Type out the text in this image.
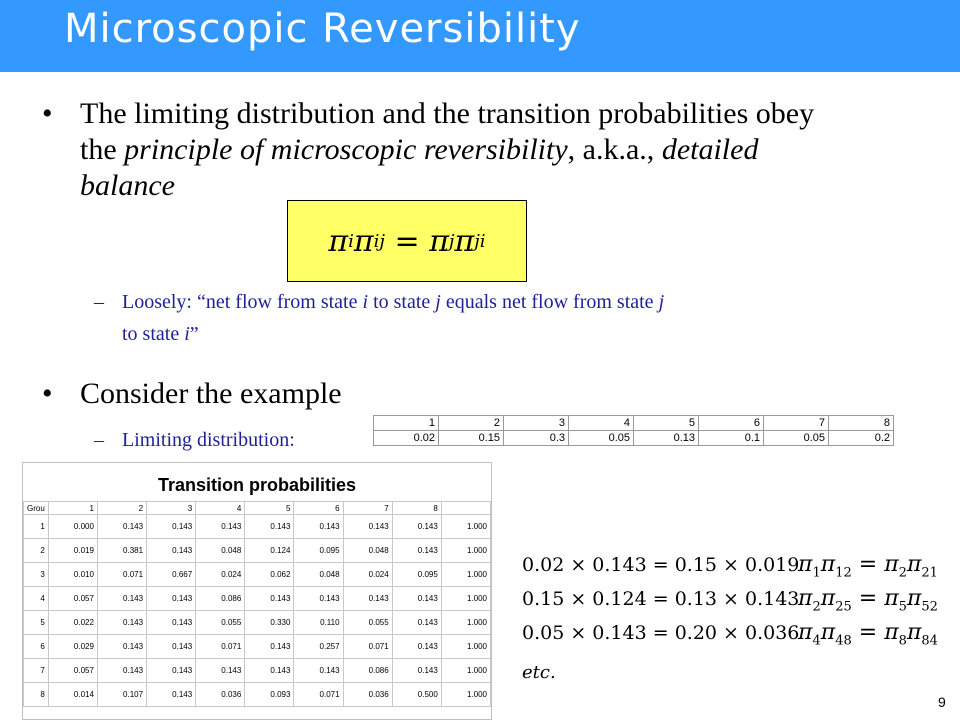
Microscopic Reversibility
• The limiting distribution and the transition probabilities obey
the principle of microscopic reversibility, a.k.a., detailed
balance
π i π ij = π j π ji
– Loosely: “net flow from state i to state j equals net flow from state j
to state i”
• Consider the example
– Limiting distribution:
1	2	3	4	5	6	7	8
0.02	0.15	0.3	0.05	0.13	0.1	0.05	0.2
Transition probabilities
Grou	1	2	3	4	5	6	7	8	
1	0.000	0.143	0.143	0.143	0.143	0.143	0.143	0.143	1.000
2	0.019	0.381	0.143	0.048	0.124	0.095	0.048	0.143	1.000
3	0.010	0.071	0.667	0.024	0.062	0.048	0.024	0.095	1.000
4	0.057	0.143	0.143	0.086	0.143	0.143	0.143	0.143	1.000
5	0.022	0.143	0.143	0.055	0.330	0.110	0.055	0.143	1.000
6	0.029	0.143	0.143	0.071	0.143	0.257	0.071	0.143	1.000
7	0.057	0.143	0.143	0.143	0.143	0.143	0.086	0.143	1.000
8	0.014	0.107	0.143	0.036	0.093	0.071	0.036	0.500	1.000
0.02 × 0.143 = 0.15 × 0.019
$\pi_1\pi_{12} = \pi_2\pi_{21}$
0.15 × 0.124 = 0.13 × 0.143
$\pi_2\pi_{25} = \pi_5\pi_{52}$
0.05 × 0.143 = 0.20 × 0.036
$\pi_4\pi_{48} = \pi_8\pi_{84}$
etc.
9
